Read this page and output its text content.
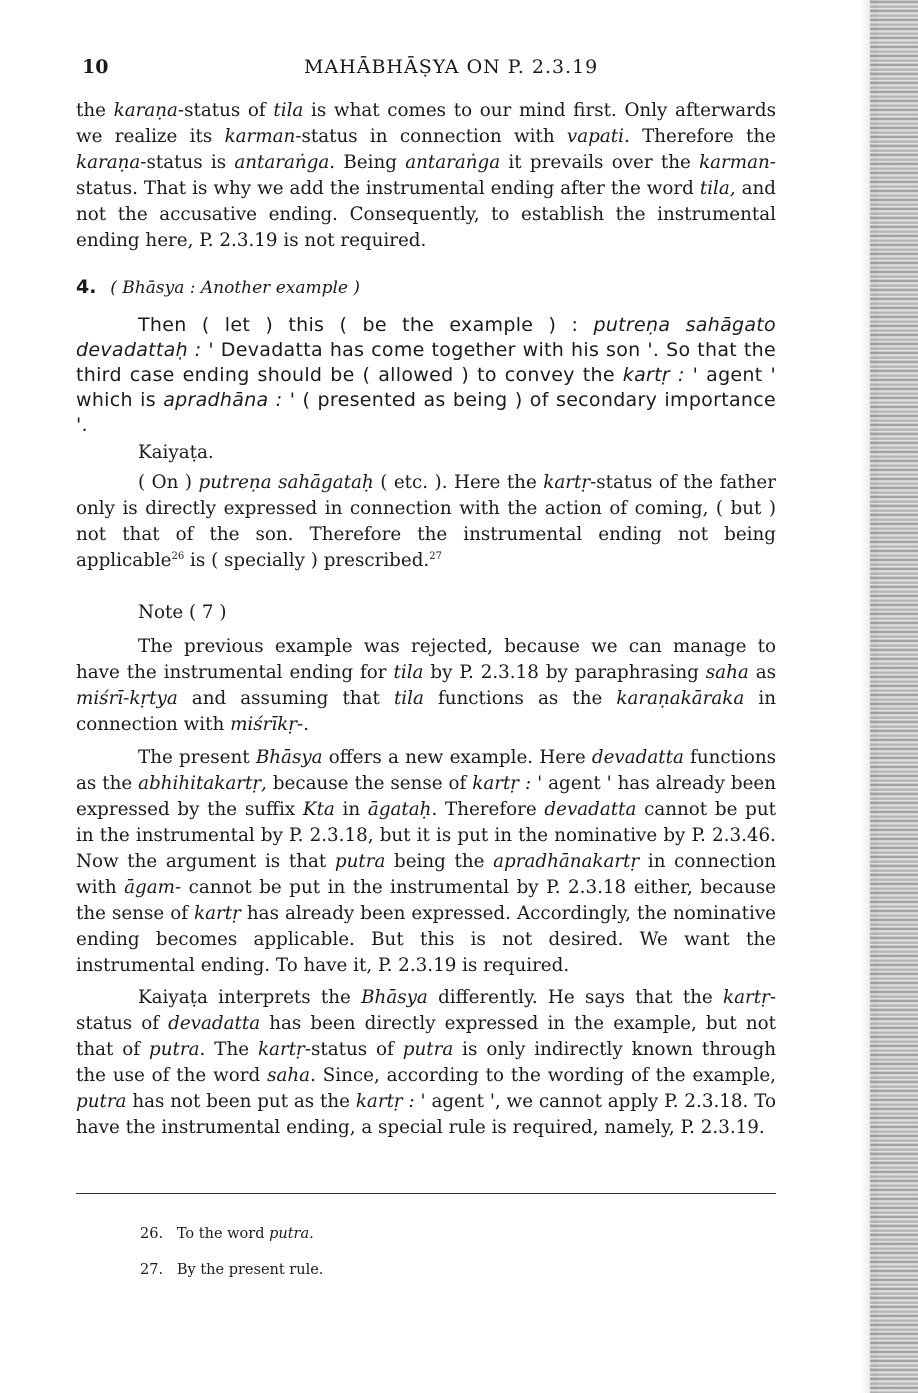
10	MAHĀBHĀṢYA ON P. 2.3.19

the karaṇa-status of tila is what comes to our mind first. Only afterwards we realize its karman-status in connection with vapati. Therefore the karaṇa-status is antaraṅga. Being antaraṅga it prevails over the karman-status. That is why we add the instrumental ending after the word tila, and not the accusative ending. Consequently, to establish the instrumental ending here, P. 2.3.19 is not required.

4. ( Bhāsya : Another example )

Then ( let ) this ( be the example ) : putreṇa sahāgato devadattaḥ : ' Devadatta has come together with his son '. So that the third case ending should be ( allowed ) to convey the kartṛ : ' agent ' which is apradhāna : ' ( presented as being ) of secondary importance '.

Kaiyaṭa.

( On ) putreṇa sahāgataḥ ( etc. ). Here the kartṛ-status of the father only is directly expressed in connection with the action of coming, ( but ) not that of the son. Therefore the instrumental ending not being applicable$^{26}$ is ( specially ) prescribed.$^{27}$

Note ( 7 )

The previous example was rejected, because we can manage to have the instrumental ending for tila by P. 2.3.18 by paraphrasing saha as miśrī-kṛtya and assuming that tila functions as the karaṇakāraka in connection with miśrīkṛ-.

The present Bhāsya offers a new example. Here devadatta functions as the abhihitakartṛ, because the sense of kartṛ : ' agent ' has already been expressed by the suffix Kta in āgataḥ. Therefore devadatta cannot be put in the instrumental by P. 2.3.18, but it is put in the nominative by P. 2.3.46. Now the argument is that putra being the apradhānakartṛ in connection with āgam- cannot be put in the instrumental by P. 2.3.18 either, because the sense of kartṛ has already been expressed. Accordingly, the nominative ending becomes applicable. But this is not desired. We want the instrumental ending. To have it, P. 2.3.19 is required.

Kaiyaṭa interprets the Bhāsya differently. He says that the kartṛ-status of devadatta has been directly expressed in the example, but not that of putra. The kartṛ-status of putra is only indirectly known through the use of the word saha. Since, according to the wording of the example, putra has not been put as the kartṛ : ' agent ', we cannot apply P. 2.3.18. To have the instrumental ending, a special rule is required, namely, P. 2.3.19.

26. To the word putra.
27. By the present rule.
